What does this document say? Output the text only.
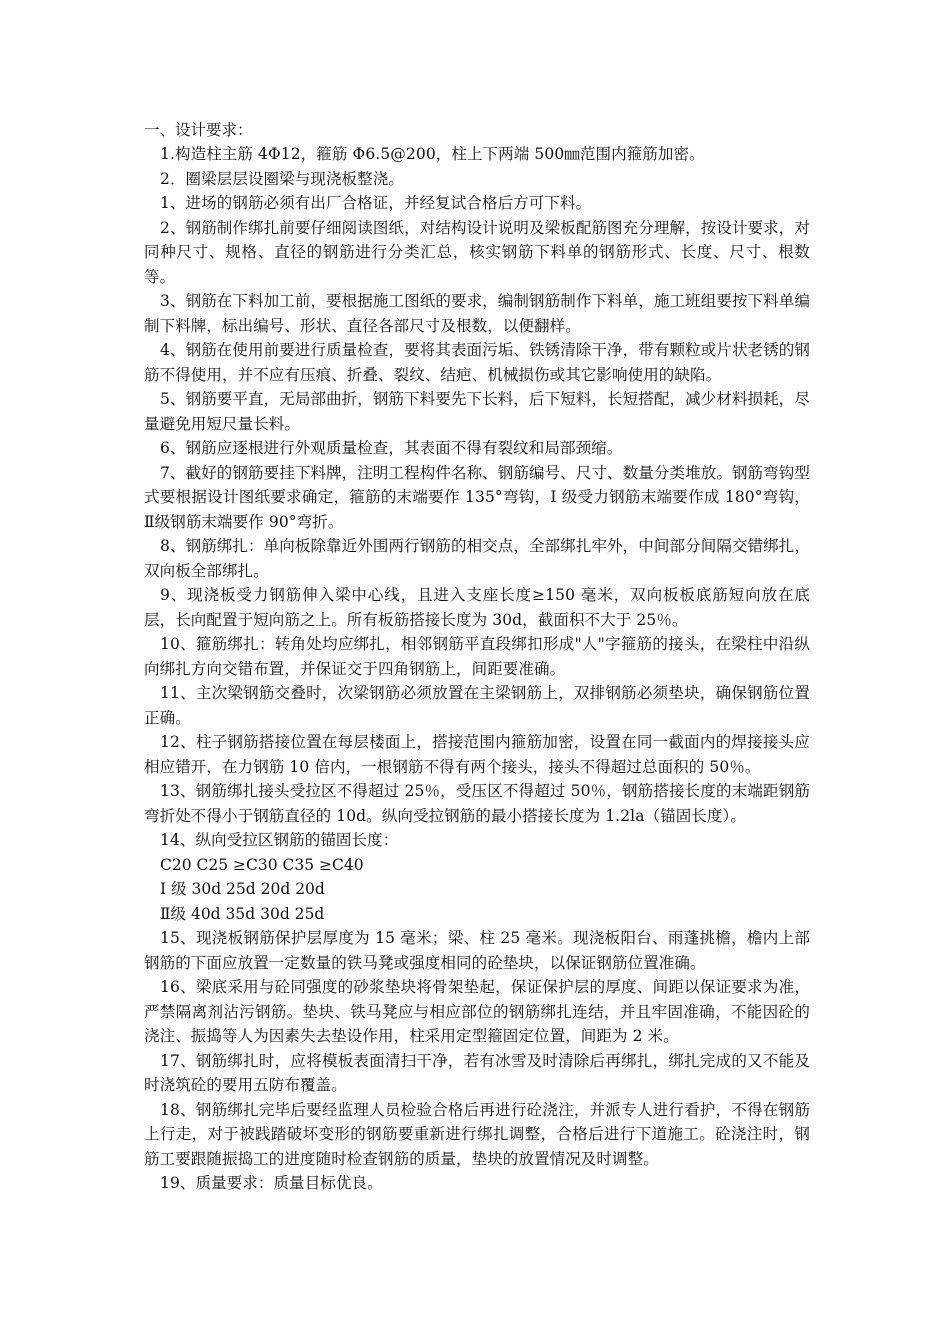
一、设计要求：

1.构造柱主筋 4Φ12，箍筋 Φ6.5@200，柱上下两端 500㎜范围内箍筋加密。

2．圈梁层层设圈梁与现浇板整浇。

1、进场的钢筋必须有出厂合格证，并经复试合格后方可下料。

2、钢筋制作绑扎前要仔细阅读图纸，对结构设计说明及梁板配筋图充分理解，按设计要求，对同种尺寸、规格、直径的钢筋进行分类汇总，核实钢筋下料单的钢筋形式、长度、尺寸、根数等。

3、钢筋在下料加工前，要根据施工图纸的要求，编制钢筋制作下料单，施工班组要按下料单编制下料牌，标出编号、形状、直径各部尺寸及根数，以便翻样。

4、钢筋在使用前要进行质量检查，要将其表面污垢、铁锈清除干净，带有颗粒或片状老锈的钢筋不得使用，并不应有压痕、折叠、裂纹、结疤、机械损伤或其它影响使用的缺陷。

5、钢筋要平直，无局部曲折，钢筋下料要先下长料，后下短料，长短搭配，减少材料损耗，尽量避免用短尺量长料。

6、钢筋应逐根进行外观质量检查，其表面不得有裂纹和局部颈缩。

7、截好的钢筋要挂下料牌，注明工程构件名称、钢筋编号、尺寸、数量分类堆放。钢筋弯钩型式要根据设计图纸要求确定，箍筋的末端要作 135°弯钩，I 级受力钢筋末端要作成 180°弯钩，Ⅱ级钢筋末端要作 90°弯折。

8、钢筋绑扎：单向板除靠近外围两行钢筋的相交点，全部绑扎牢外，中间部分间隔交错绑扎，双向板全部绑扎。

9、现浇板受力钢筋伸入梁中心线，且进入支座长度≥150 毫米，双向板板底筋短向放在底层，长向配置于短向筋之上。所有板筋搭接长度为 30d，截面积不大于 25％。

10、箍筋绑扎：转角处均应绑扎，相邻钢筋平直段绑扣形成"人"字箍筋的接头，在梁柱中沿纵向绑扎方向交错布置，并保证交于四角钢筋上，间距要准确。

11、主次梁钢筋交叠时，次梁钢筋必须放置在主梁钢筋上，双排钢筋必须垫块，确保钢筋位置正确。

12、柱子钢筋搭接位置在每层楼面上，搭接范围内箍筋加密，设置在同一截面内的焊接接头应相应错开，在力钢筋 10 倍内，一根钢筋不得有两个接头，接头不得超过总面积的 50％。

13、钢筋绑扎接头受拉区不得超过 25％，受压区不得超过 50％，钢筋搭接长度的末端距钢筋弯折处不得小于钢筋直径的 10d。纵向受拉钢筋的最小搭接长度为 1.2la（锚固长度）。

14、纵向受拉区钢筋的锚固长度：

C20 C25 ≥C30 C35 ≥C40

I 级 30d 25d 20d 20d

Ⅱ级 40d 35d 30d 25d

15、现浇板钢筋保护层厚度为 15 毫米；梁、柱 25 毫米。现浇板阳台、雨蓬挑檐，檐内上部钢筋的下面应放置一定数量的铁马凳或强度相同的砼垫块，以保证钢筋位置准确。

16、梁底采用与砼同强度的砂浆垫块将骨架垫起，保证保护层的厚度、间距以保证要求为准，严禁隔离剂沾污钢筋。垫块、铁马凳应与相应部位的钢筋绑扎连结，并且牢固准确，不能因砼的浇注、振捣等人为因素失去垫设作用，柱采用定型箍固定位置，间距为 2 米。

17、钢筋绑扎时，应将模板表面清扫干净，若有冰雪及时清除后再绑扎，绑扎完成的又不能及时浇筑砼的要用五防布覆盖。

18、钢筋绑扎完毕后要经监理人员检验合格后再进行砼浇注，并派专人进行看护，不得在钢筋上行走，对于被践踏破坏变形的钢筋要重新进行绑扎调整，合格后进行下道施工。砼浇注时，钢筋工要跟随振捣工的进度随时检查钢筋的质量，垫块的放置情况及时调整。

19、质量要求：质量目标优良。
